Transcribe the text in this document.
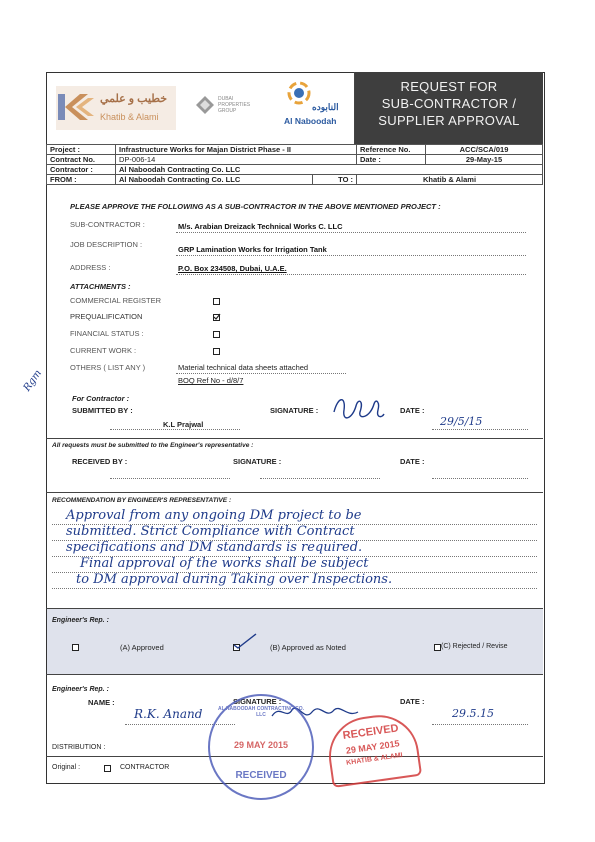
خطيب و علمي
Khatib & Alami
DUBAI PROPERTIES GROUP	النابوده
Al Naboodah
REQUEST FOR
SUB-CONTRACTOR /
SUPPLIER APPROVAL
Project :	Infrastructure Works for Majan District Phase - II		Reference No.	ACC/SCA/019
Contract No.	DP-006-14		Date :	29-May-15
Contractor :	Al Naboodah Contracting Co. LLC			
FROM :	Al Naboodah Contracting Co. LLC	TO :	Khatib & Alami	
PLEASE APPROVE THE FOLLOWING AS A SUB-CONTRACTOR IN THE ABOVE MENTIONED PROJECT :
SUB-CONTRACTOR :	M/s. Arabian Dreizack Technical Works C. LLC
JOB DESCRIPTION :
GRP Lamination Works for Irrigation Tank
ADDRESS :	P.O. Box 234508, Dubai, U.A.E.
ATTACHMENTS :
COMMERCIAL REGISTER
PREQUALIFICATION
FINANCIAL STATUS :
CURRENT WORK :
OTHERS ( LIST ANY )	Material technical data sheets attached
BOQ Ref No - d/8/7
For Contractor :
SUBMITTED BY :
K.L Prajwal
SIGNATURE :	DATE :
29/5/15
Rgm
All requests must be submitted to the Engineer's representative :
RECEIVED BY :	SIGNATURE :	DATE :
RECOMMENDATION BY ENGINEER'S REPRESENTATIVE :
Approval from any ongoing DM project to be
submitted. Strict Compliance with Contract
specifications and DM standards is required.
Final approval of the works shall be subject
to DM approval during Taking over Inspections.
Engineer's Rep. :
(A) Approved	(B) Approved as Noted	(C) Rejected / Revise
Engineer's Rep. :
NAME :
R.K. Anand
SIGNATURE :	DATE :
29.5.15
DISTRIBUTION :
Original :	CONTRACTOR
AL NABOODAH CONTRACTING CO. LLC
29 MAY 2015
RECEIVED
RECEIVED
29 MAY 2015
KHATIB & ALAMI
